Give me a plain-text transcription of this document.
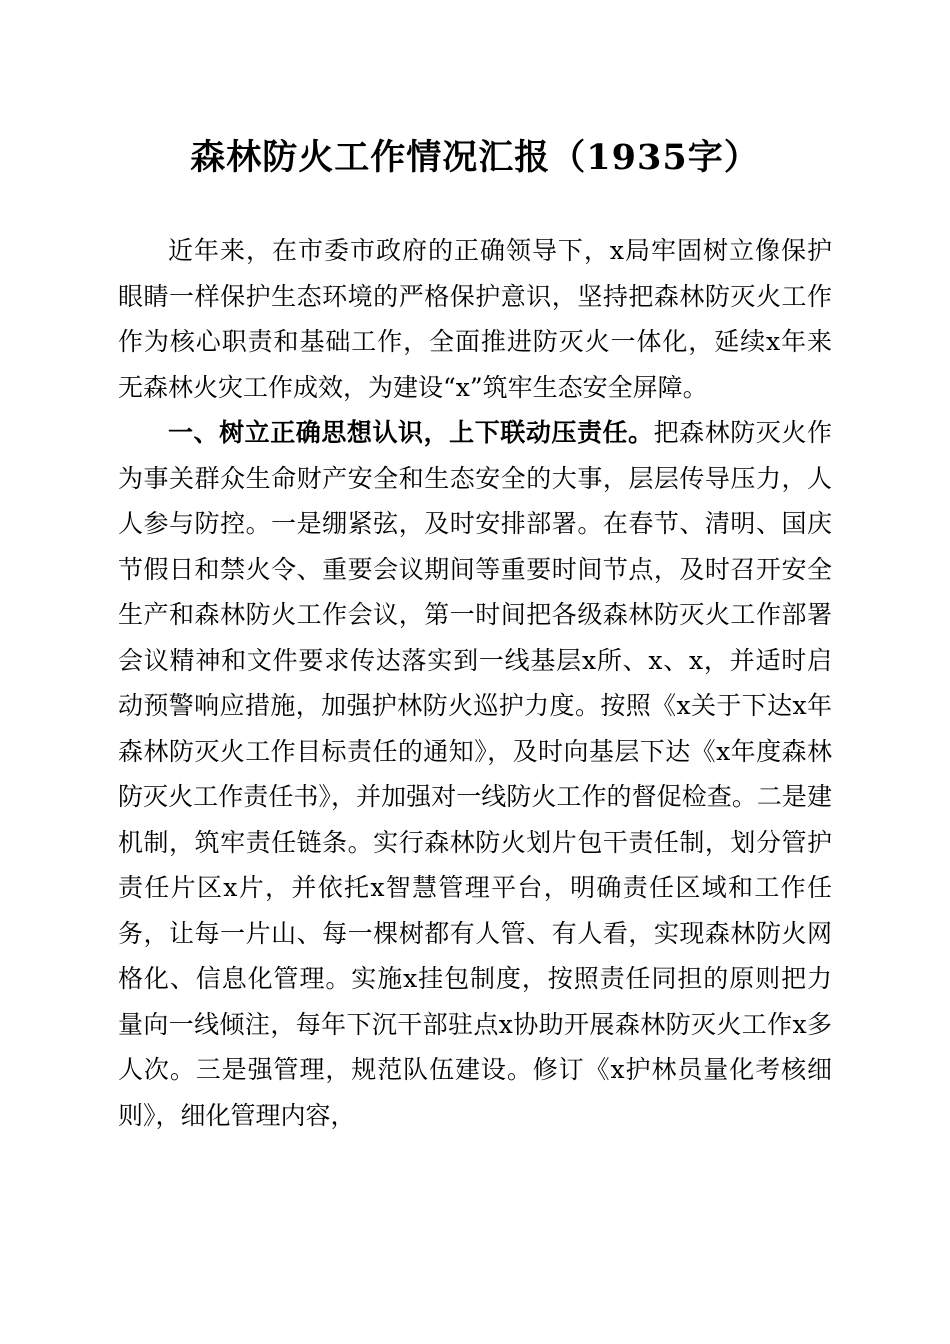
森林防火工作情况汇报（1935字）

近年来，在市委市政府的正确领导下，x局牢固树立像保护眼睛一样保护生态环境的严格保护意识，坚持把森林防灭火工作作为核心职责和基础工作，全面推进防灭火一体化，延续x年来无森林火灾工作成效，为建设“x”筑牢生态安全屏障。

一、树立正确思想认识，上下联动压责任。把森林防灭火作为事关群众生命财产安全和生态安全的大事，层层传导压力，人人参与防控。一是绷紧弦，及时安排部署。在春节、清明、国庆节假日和禁火令、重要会议期间等重要时间节点，及时召开安全生产和森林防火工作会议，第一时间把各级森林防灭火工作部署会议精神和文件要求传达落实到一线基层x所、x、x，并适时启动预警响应措施，加强护林防火巡护力度。按照《x关于下达x年森林防灭火工作目标责任的通知》，及时向基层下达《x年度森林防灭火工作责任书》，并加强对一线防火工作的督促检查。二是建机制，筑牢责任链条。实行森林防火划片包干责任制，划分管护责任片区x片，并依托x智慧管理平台，明确责任区域和工作任务，让每一片山、每一棵树都有人管、有人看，实现森林防火网格化、信息化管理。实施x挂包制度，按照责任同担的原则把力量向一线倾注，每年下沉干部驻点x协助开展森林防灭火工作x多人次。三是强管理，规范队伍建设。修订《x护林员量化考核细则》，细化管理内容，
